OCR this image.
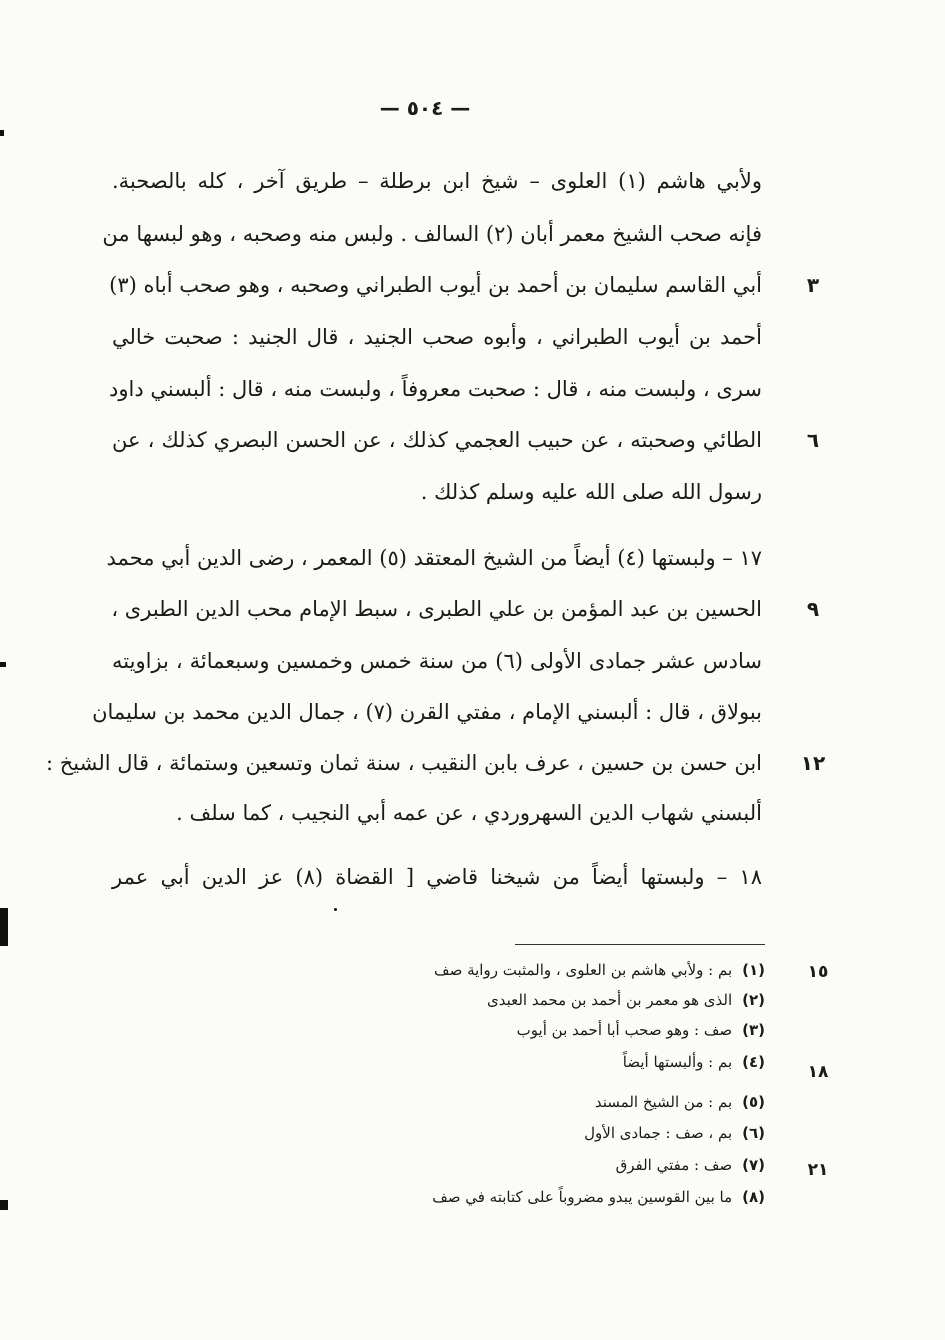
— ٥٠٤ —
ولأبي هاشم (١) العلوى – شيخ ابن برطلة – طريق آخر ، كله بالصحبة.
فإنه صحب الشيخ معمر أبان (٢) السالف . ولبس منه وصحبه ، وهو لبسها من
أبي القاسم سليمان بن أحمد بن أيوب الطبراني وصحبه ، وهو صحب أباه (٣)
أحمد بن أيوب الطبراني ، وأبوه صحب الجنيد ، قال الجنيد : صحبت خالي
سرى ، ولبست منه ، قال : صحبت معروفاً ، ولبست منه ، قال : ألبسني داود
الطائي وصحبته ، عن حبيب العجمي كذلك ، عن الحسن البصري كذلك ، عن
رسول الله صلى الله عليه وسلم كذلك .
١٧ – ولبستها (٤) أيضاً من الشيخ المعتقد (٥) المعمر ، رضى الدين أبي محمد
الحسين بن عبد المؤمن بن علي الطبرى ، سبط الإمام محب الدين الطبرى ،
سادس عشر جمادى الأولى (٦) من سنة خمس وخمسين وسبعمائة ، بزاويته
ببولاق ، قال : ألبسني الإمام ، مفتي القرن (٧) ، جمال الدين محمد بن سليمان
ابن حسن بن حسين ، عرف بابن النقيب ، سنة ثمان وتسعين وستمائة ، قال الشيخ :
ألبسني شهاب الدين السهروردي ، عن عمه أبي النجيب ، كما سلف .
١٨ – ولبستها أيضاً من شيخنا قاضي [ القضاة (٨) عز الدين أبي عمر
٣
٦
٩
١٢
(١)بم : ولأبي هاشم بن العلوى ، والمثبت رواية صف
(٢)الذى هو معمر بن أحمد بن محمد العبدى
(٣)صف : وهو صحب أبا أحمد بن أيوب
(٤)بم : وألبستها أيضاً
(٥)بم : من الشيخ المسند
(٦)بم ، صف : جمادى الأول
(٧)صف : مفتي الفرق
(٨)ما بين القوسين يبدو مضروباً على كتابته في صف
١٥
١٨
٢١
